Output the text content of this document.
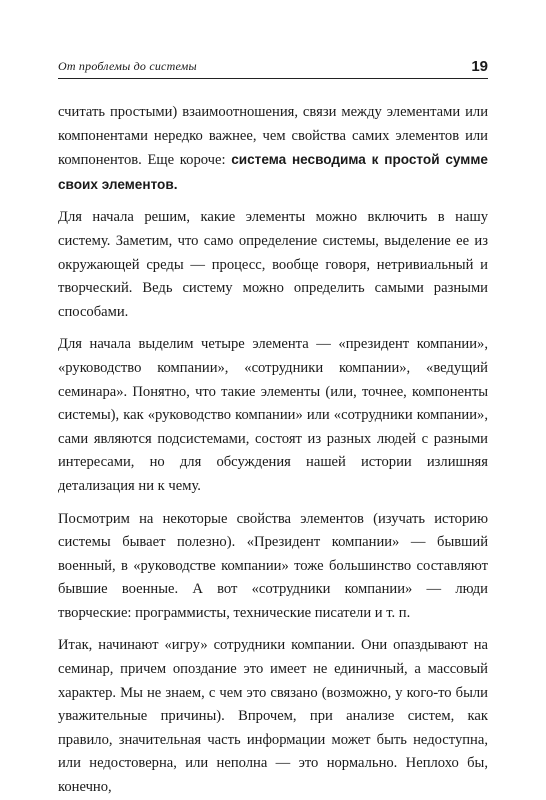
От проблемы до системы	19

считать простыми) взаимоотношения, связи между элементами или компонентами нередко важнее, чем свойства самих элементов или компонентов. Еще короче: система несводима к простой сумме своих элементов.

Для начала решим, какие элементы можно включить в нашу систему. Заметим, что само определение системы, выделение ее из окружающей среды — процесс, вообще говоря, нетривиальный и творческий. Ведь систему можно определить самыми разными способами.

Для начала выделим четыре элемента — «президент компании», «руководство компании», «сотрудники компании», «ведущий семинара». Понятно, что такие элементы (или, точнее, компоненты системы), как «руководство компании» или «сотрудники компании», сами являются подсистемами, состоят из разных людей с разными интересами, но для обсуждения нашей истории излишняя детализация ни к чему.

Посмотрим на некоторые свойства элементов (изучать историю системы бывает полезно). «Президент компании» — бывший военный, в «руководстве компании» тоже большинство составляют бывшие военные. А вот «сотрудники компании» — люди творческие: программисты, технические писатели и т. п.

Итак, начинают «игру» сотрудники компании. Они опаздывают на семинар, причем опоздание это имеет не единичный, а массовый характер. Мы не знаем, с чем это связано (возможно, у кого-то были уважительные причины). Впрочем, при анализе систем, как правило, значительная часть информации может быть недоступна, или недостоверна, или неполна — это нормально. Неплохо бы, конечно,
